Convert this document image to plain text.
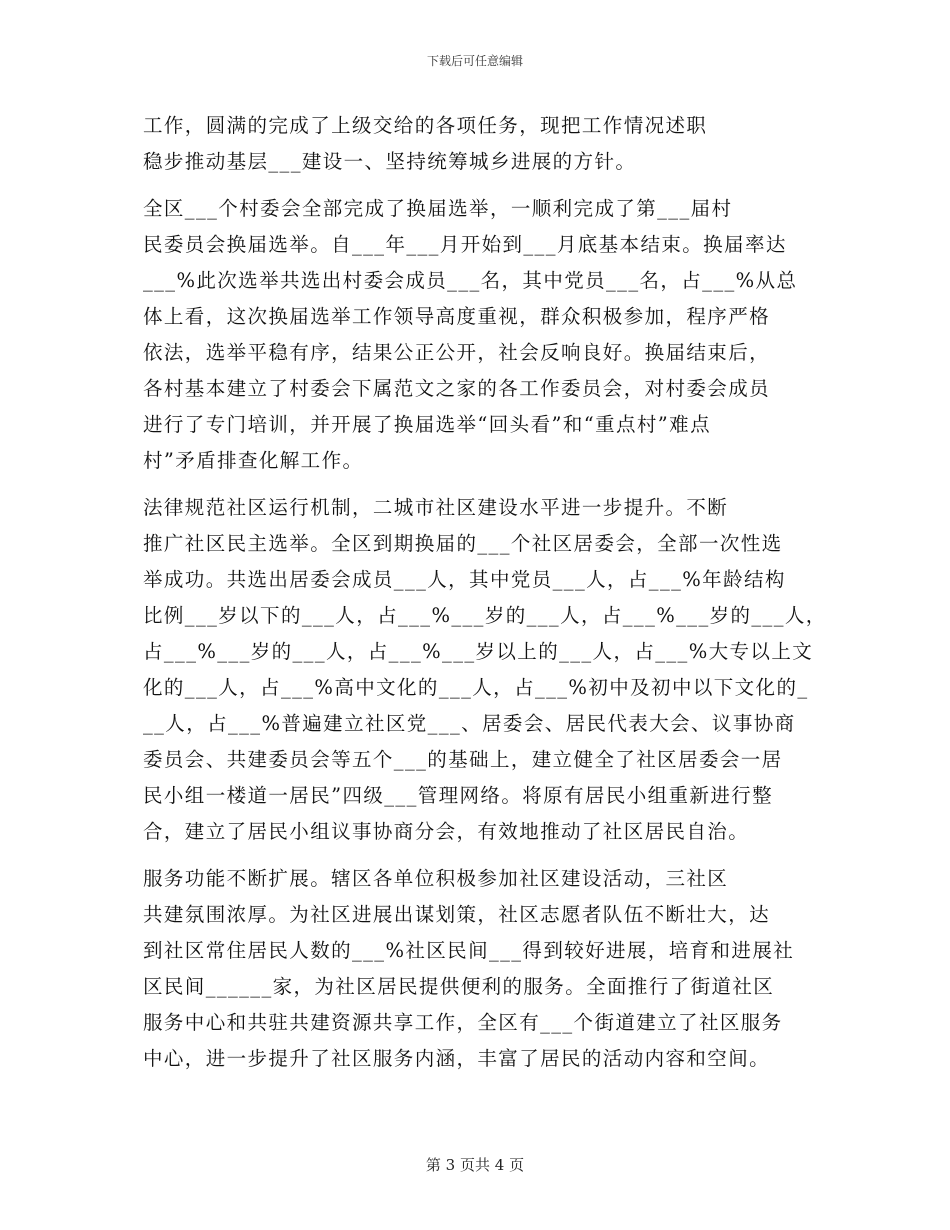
下载后可任意编辑
工作，圆满的完成了上级交给的各项任务，现把工作情况述职
稳步推动基层___建设一、坚持统筹城乡进展的方针。
全区___个村委会全部完成了换届选举，一顺利完成了第___届村
民委员会换届选举。自___年___月开始到___月底基本结束。换届率达
___%此次选举共选出村委会成员___名，其中党员___名，占___%从总
体上看，这次换届选举工作领导高度重视，群众积极参加，程序严格
依法，选举平稳有序，结果公正公开，社会反响良好。换届结束后，
各村基本建立了村委会下属范文之家的各工作委员会，对村委会成员
进行了专门培训，并开展了换届选举“回头看”和“重点村”难点
村”矛盾排查化解工作。
法律规范社区运行机制，二城市社区建设水平进一步提升。不断
推广社区民主选举。全区到期换届的___个社区居委会，全部一次性选
举成功。共选出居委会成员___人，其中党员___人，占___%年龄结构
比例___岁以下的___人，占___%___岁的___人，占___%___岁的___人，
占___%___岁的___人，占___%___岁以上的___人，占___%大专以上文
化的___人，占___%高中文化的___人，占___%初中及初中以下文化的_
__人，占___%普遍建立社区党___、居委会、居民代表大会、议事协商
委员会、共建委员会等五个___的基础上，建立健全了社区居委会一居
民小组一楼道一居民”四级___管理网络。将原有居民小组重新进行整
合，建立了居民小组议事协商分会，有效地推动了社区居民自治。
服务功能不断扩展。辖区各单位积极参加社区建设活动，三社区
共建氛围浓厚。为社区进展出谋划策，社区志愿者队伍不断壮大，达
到社区常住居民人数的___%社区民间___得到较好进展，培育和进展社
区民间______家，为社区居民提供便利的服务。全面推行了街道社区
服务中心和共驻共建资源共享工作，全区有___个街道建立了社区服务
中心，进一步提升了社区服务内涵，丰富了居民的活动内容和空间。
第 3 页共 4 页
